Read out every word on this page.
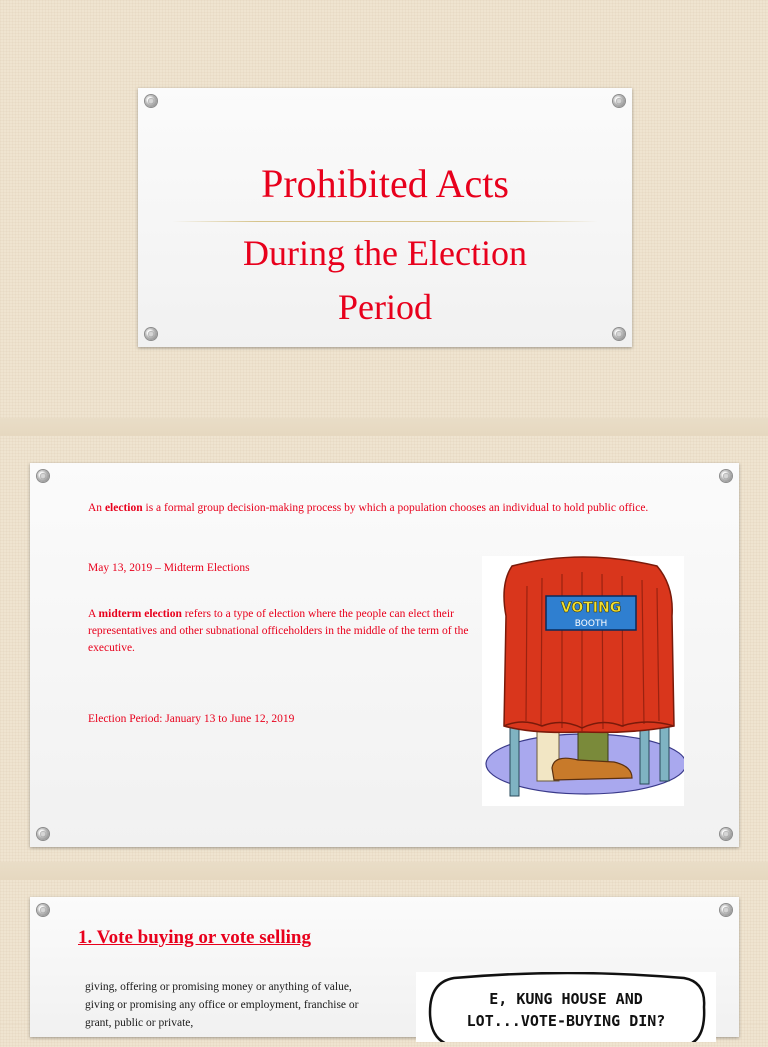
Prohibited Acts
During the Election
Period
An election is a formal group decision-making process by which a population chooses an individual to hold public office.
May 13, 2019 – Midterm Elections
A midterm election refers to a type of election where the people can elect their representatives and other subnational officeholders in the middle of the term of the executive.
Election Period: January 13 to June 12, 2019
VOTING
BOOTH
1. Vote buying or vote selling
giving, offering or promising money or anything of value, giving or promising any office or employment, franchise or grant, public or private,
E, KUNG HOUSE AND
LOT...VOTE-BUYING DIN?
